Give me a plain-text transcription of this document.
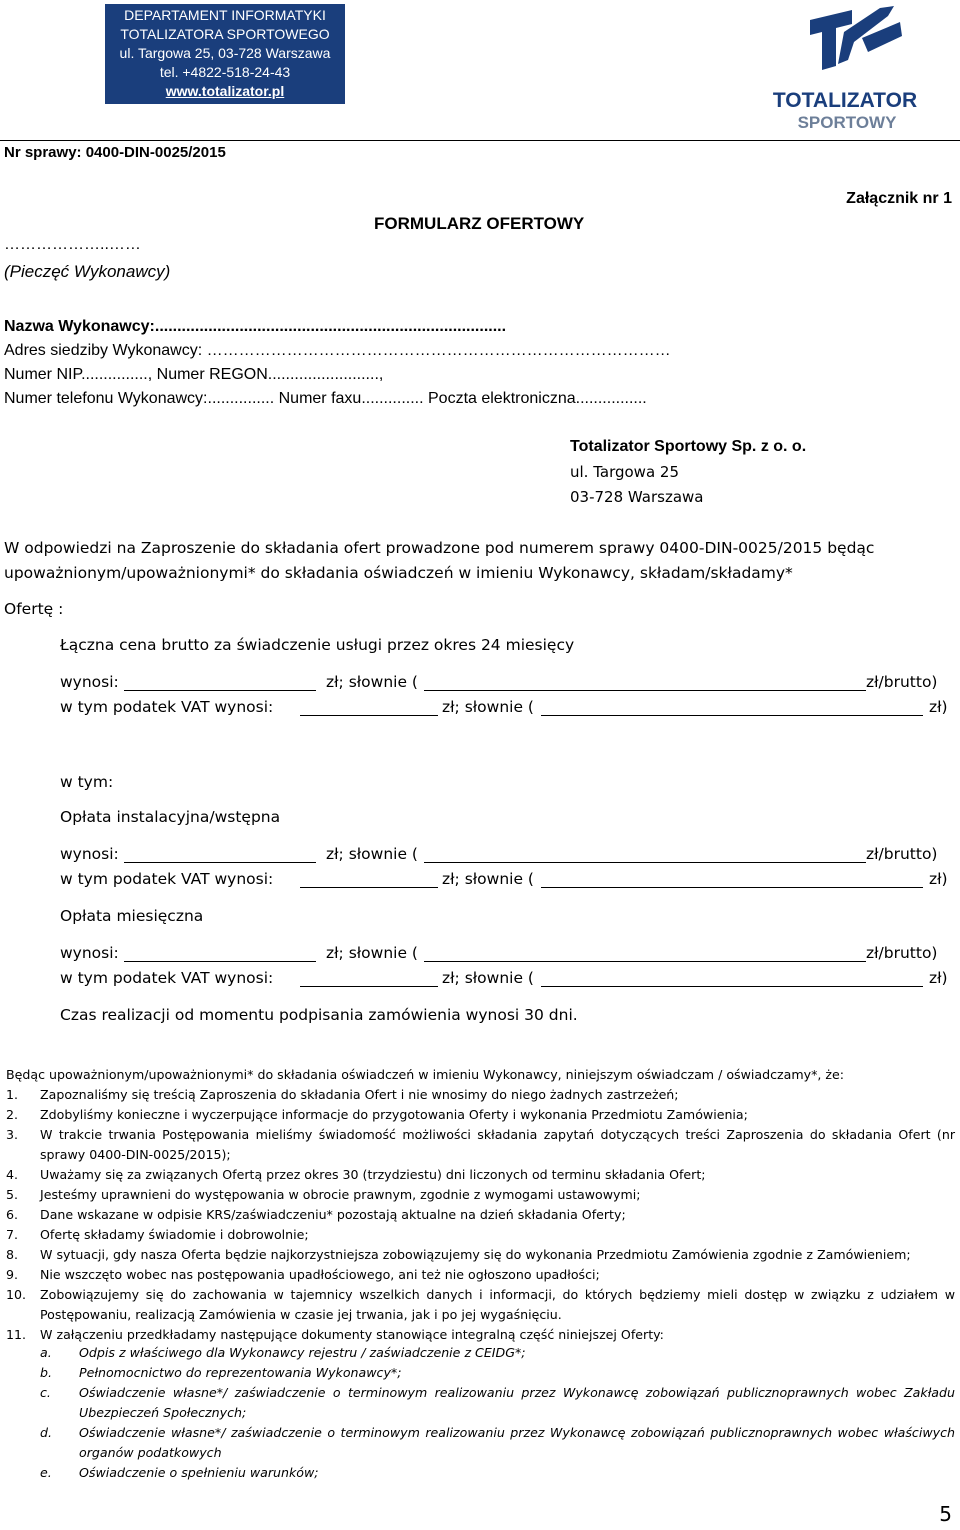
DEPARTAMENT INFORMATYKI
TOTALIZATORA SPORTOWEGO
ul. Targowa 25, 03-728 Warszawa
tel. +4822-518-24-43
www.totalizator.pl	TOTALIZATOR
SPORTOWY
Nr sprawy: 0400-DIN-0025/2015
Załącznik nr 1
FORMULARZ OFERTOWY
………………..……
(Pieczęć Wykonawcy)
Nazwa Wykonawcy:...............................................................................
Adres siedziby Wykonawcy: ……………………………………………………………………………
Numer NIP..............., Numer REGON.........................,
Numer telefonu Wykonawcy:............... Numer faxu.............. Poczta elektroniczna................
Totalizator Sportowy Sp. z o. o.
ul. Targowa 25
03-728 Warszawa
W odpowiedzi na Zaproszenie do składania ofert prowadzone pod numerem sprawy 0400-DIN-0025/2015 będąc
upoważnionym/upoważnionymi* do składania oświadczeń w imieniu Wykonawcy, składam/składamy*
Ofertę :
Łączna cena brutto za świadczenie usługi przez okres 24 miesięcy
wynosi:	zł; słownie (	zł/brutto)
w tym podatek VAT wynosi:	zł; słownie (	zł)
w tym:
Opłata instalacyjna/wstępna
wynosi:	zł; słownie (	zł/brutto)
w tym podatek VAT wynosi:	zł; słownie (	zł)
Opłata miesięczna
wynosi:	zł; słownie (	zł/brutto)
w tym podatek VAT wynosi:	zł; słownie (	zł)
Czas realizacji od momentu podpisania zamówienia wynosi 30 dni.
Będąc upoważnionym/upoważnionymi* do składania oświadczeń w imieniu Wykonawcy, niniejszym oświadczam / oświadczamy*, że:
1. Zapoznaliśmy się treścią Zaproszenia do składania Ofert i nie wnosimy do niego żadnych zastrzeżeń;
2. Zdobyliśmy konieczne i wyczerpujące informacje do przygotowania Oferty i wykonania Przedmiotu Zamówienia;
3. W trakcie trwania Postępowania mieliśmy świadomość możliwości składania zapytań dotyczących treści Zaproszenia do składania Ofert (nr sprawy 0400-DIN-0025/2015);
4. Uważamy się za związanych Ofertą przez okres 30 (trzydziestu) dni liczonych od terminu składania Ofert;
5. Jesteśmy uprawnieni do występowania w obrocie prawnym, zgodnie z wymogami ustawowymi;
6. Dane wskazane w odpisie KRS/zaświadczeniu* pozostają aktualne na dzień składania Oferty;
7. Ofertę składamy świadomie i dobrowolnie;
8. W sytuacji, gdy nasza Oferta będzie najkorzystniejsza zobowiązujemy się do wykonania Przedmiotu Zamówienia zgodnie z Zamówieniem;
9. Nie wszczęto wobec nas postępowania upadłościowego, ani też nie ogłoszono upadłości;
10. Zobowiązujemy się do zachowania w tajemnicy wszelkich danych i informacji, do których będziemy mieli dostęp w związku z udziałem w Postępowaniu, realizacją Zamówienia w czasie jej trwania, jak i po jej wygaśnięciu.
11. W załączeniu przedkładamy następujące dokumenty stanowiące integralną część niniejszej Oferty:
a. Odpis z właściwego dla Wykonawcy rejestru / zaświadczenie z CEIDG*;
b. Pełnomocnictwo do reprezentowania Wykonawcy*;
c. Oświadczenie własne*/ zaświadczenie o terminowym realizowaniu przez Wykonawcę zobowiązań publicznoprawnych wobec Zakładu Ubezpieczeń Społecznych;
d. Oświadczenie własne*/ zaświadczenie o terminowym realizowaniu przez Wykonawcę zobowiązań publicznoprawnych wobec właściwych organów podatkowych
e. Oświadczenie o spełnieniu warunków;
5
